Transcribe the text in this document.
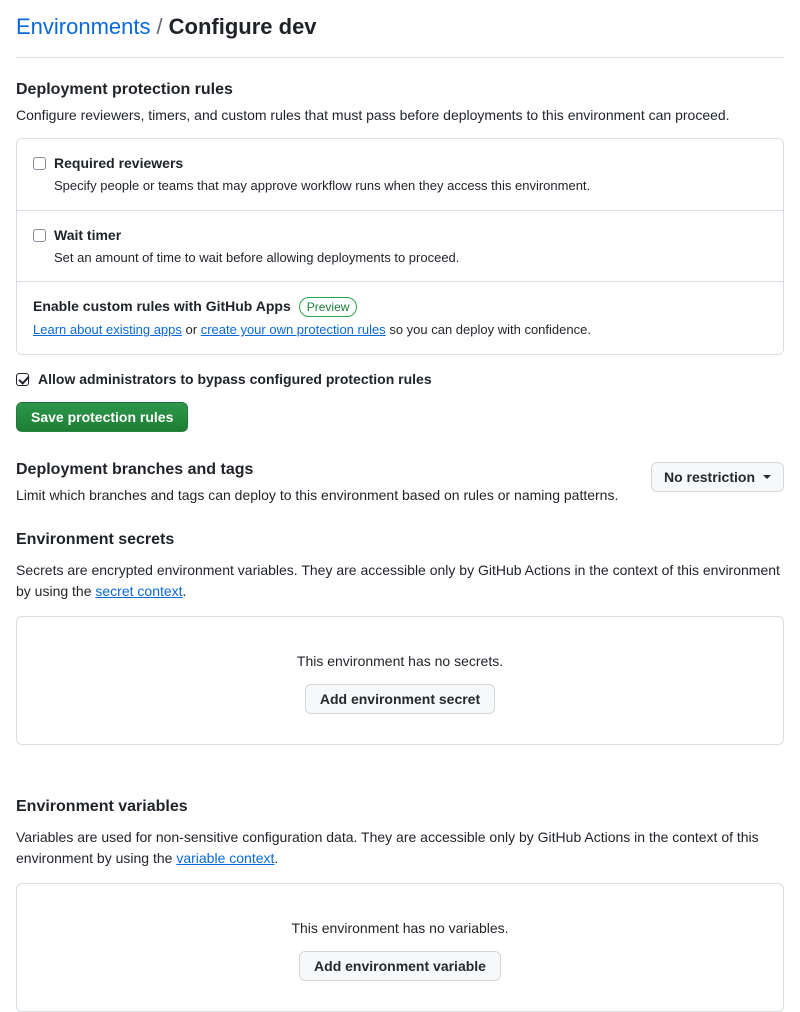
Environments / Configure dev
Deployment protection rules

Configure reviewers, timers, and custom rules that must pass before deployments to this environment can proceed.

Required reviewers
Specify people or teams that may approve workflow runs when they access this environment.
Wait timer
Set an amount of time to wait before allowing deployments to proceed.
Enable custom rules with GitHub Apps	Preview
Learn about existing apps or create your own protection rules so you can deploy with confidence.
Allow administrators to bypass configured protection rules
Save protection rules
Deployment branches and tags

Limit which branches and tags can deploy to this environment based on rules or naming patterns.

No restriction
Environment secrets

Secrets are encrypted environment variables. They are accessible only by GitHub Actions in the context of this environment by using the secret context.

This environment has no secrets.
Add environment secret
Environment variables

Variables are used for non-sensitive configuration data. They are accessible only by GitHub Actions in the context of this environment by using the variable context.

This environment has no variables.
Add environment variable
